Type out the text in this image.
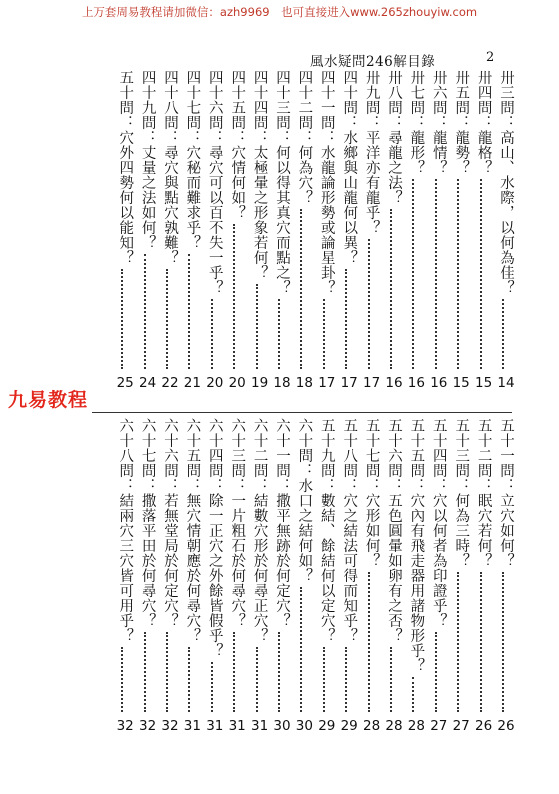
上万套周易教程请加微信：azh9969　也可直接进入www.265zhouyiw.com
風水疑問246解目錄	2
卅三問：高山、水際，以何為佳？
14
卅四問：龍格？
15
卅五問：龍勢？
15
卅六問：龍情？
16
卅七問：龍形？
16
卅八問：尋龍之法？
16
卅九問：平洋亦有龍乎？
17
四十問：水鄉與山龍何以異？
17
四十一問：水龍論形勢或論星卦？
17
四十二問：何為穴？
18
四十三問：何以得其真穴而點之？
18
四十四問：太極暈之形象若何？
19
四十五問：穴情何如？
20
四十六問：尋穴可以百不失一乎？
20
四十七問：穴秘而難求乎？
21
四十八問：尋穴與點穴孰難？
22
四十九問：丈量之法如何？
24
五十問：穴外四勢何以能知？
25
九易教程
五十一問：立穴如何？
26
五十二問：眠穴若何？
26
五十三問：何為三時？
27
五十四問：穴以何者為印證乎？
27
五十五問：穴內有飛走器用諸物形乎？
28
五十六問：五色圓暈如卵有之否？
28
五十七問：穴形如何？
28
五十八問：穴之結法可得而知乎？
29
五十九問：數結、餘結何以定穴？
29
六十問：水口之結何如？
30
六十一問：撒平無跡於何定穴？
30
六十二問：結數穴形於何尋正穴？
31
六十三問：一片粗石於何尋穴？
31
六十四問：除一正穴之外餘皆假乎？
31
六十五問：無穴情朝應於何尋穴？
31
六十六問：若無堂局於何定穴？
32
六十七問：撒落平田於何尋穴？
32
六十八問：結兩穴三穴皆可用乎？
32
